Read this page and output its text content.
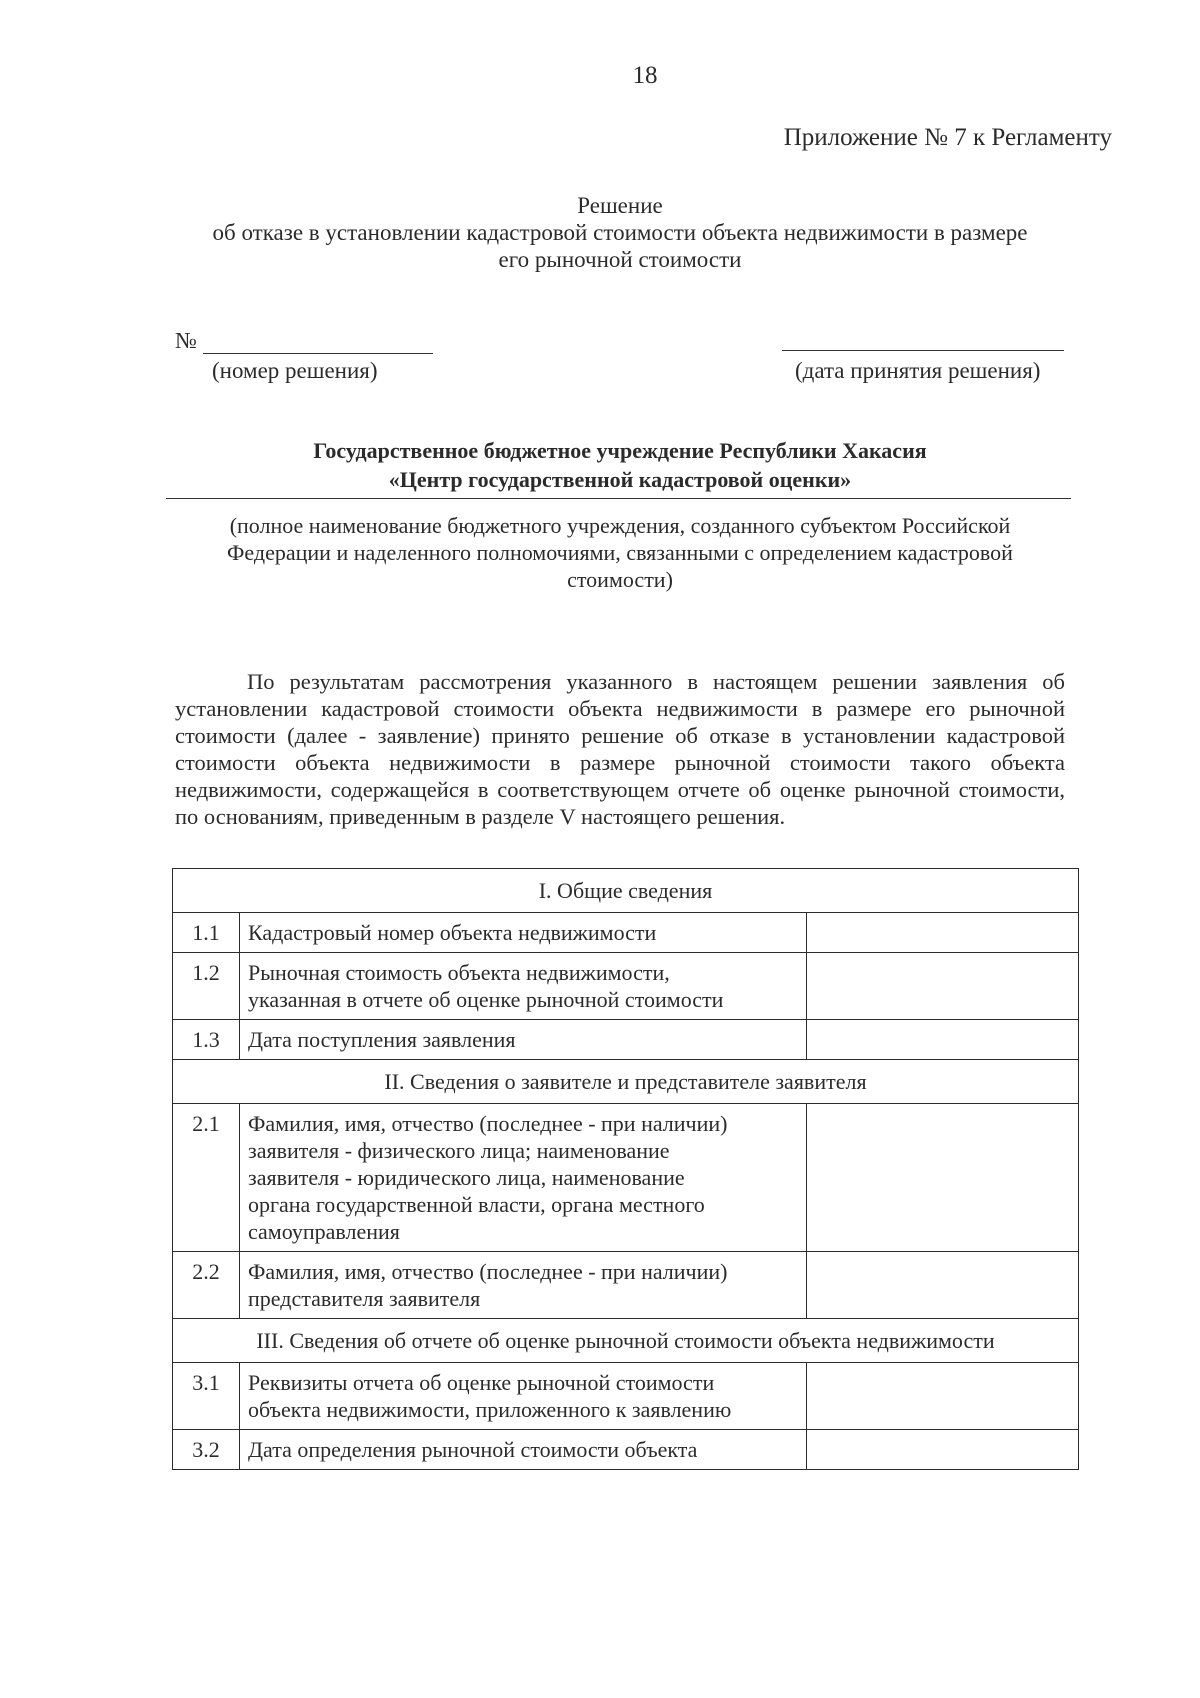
18
Приложение № 7 к Регламенту
Решение
об отказе в установлении кадастровой стоимости объекта недвижимости в размере
его рыночной стоимости
№
(номер решения)	(дата принятия решения)
Государственное бюджетное учреждение Республики Хакасия
«Центр государственной кадастровой оценки»
(полное наименование бюджетного учреждения, созданного субъектом Российской
Федерации и наделенного полномочиями, связанными с определением кадастровой
стоимости)
По результатам рассмотрения указанного в настоящем решении заявления об установлении кадастровой стоимости объекта недвижимости в размере его рыночной стоимости (далее - заявление) принято решение об отказе в установлении кадастровой стоимости объекта недвижимости в размере рыночной стоимости такого объекта недвижимости, содержащейся в соответствующем отчете об оценке рыночной стоимости, по основаниям, приведенным в разделе V настоящего решения.
I. Общие сведения		
1.1	Кадастровый номер объекта недвижимости	
1.2	Рыночная стоимость объекта недвижимости,
указанная в отчете об оценке рыночной стоимости	

1.3	Дата поступления заявления	
II. Сведения о заявителе и представителе заявителя		
2.1	Фамилия, имя, отчество (последнее - при наличии)
заявителя - физического лица; наименование
заявителя - юридического лица, наименование
органа государственной власти, органа местного
самоуправления	

2.2	Фамилия, имя, отчество (последнее - при наличии)
представителя заявителя	

III. Сведения об отчете об оценке рыночной стоимости объекта недвижимости		
3.1	Реквизиты отчета об оценке рыночной стоимости
объекта недвижимости, приложенного к заявлению	

3.2	Дата определения рыночной стоимости объекта	
